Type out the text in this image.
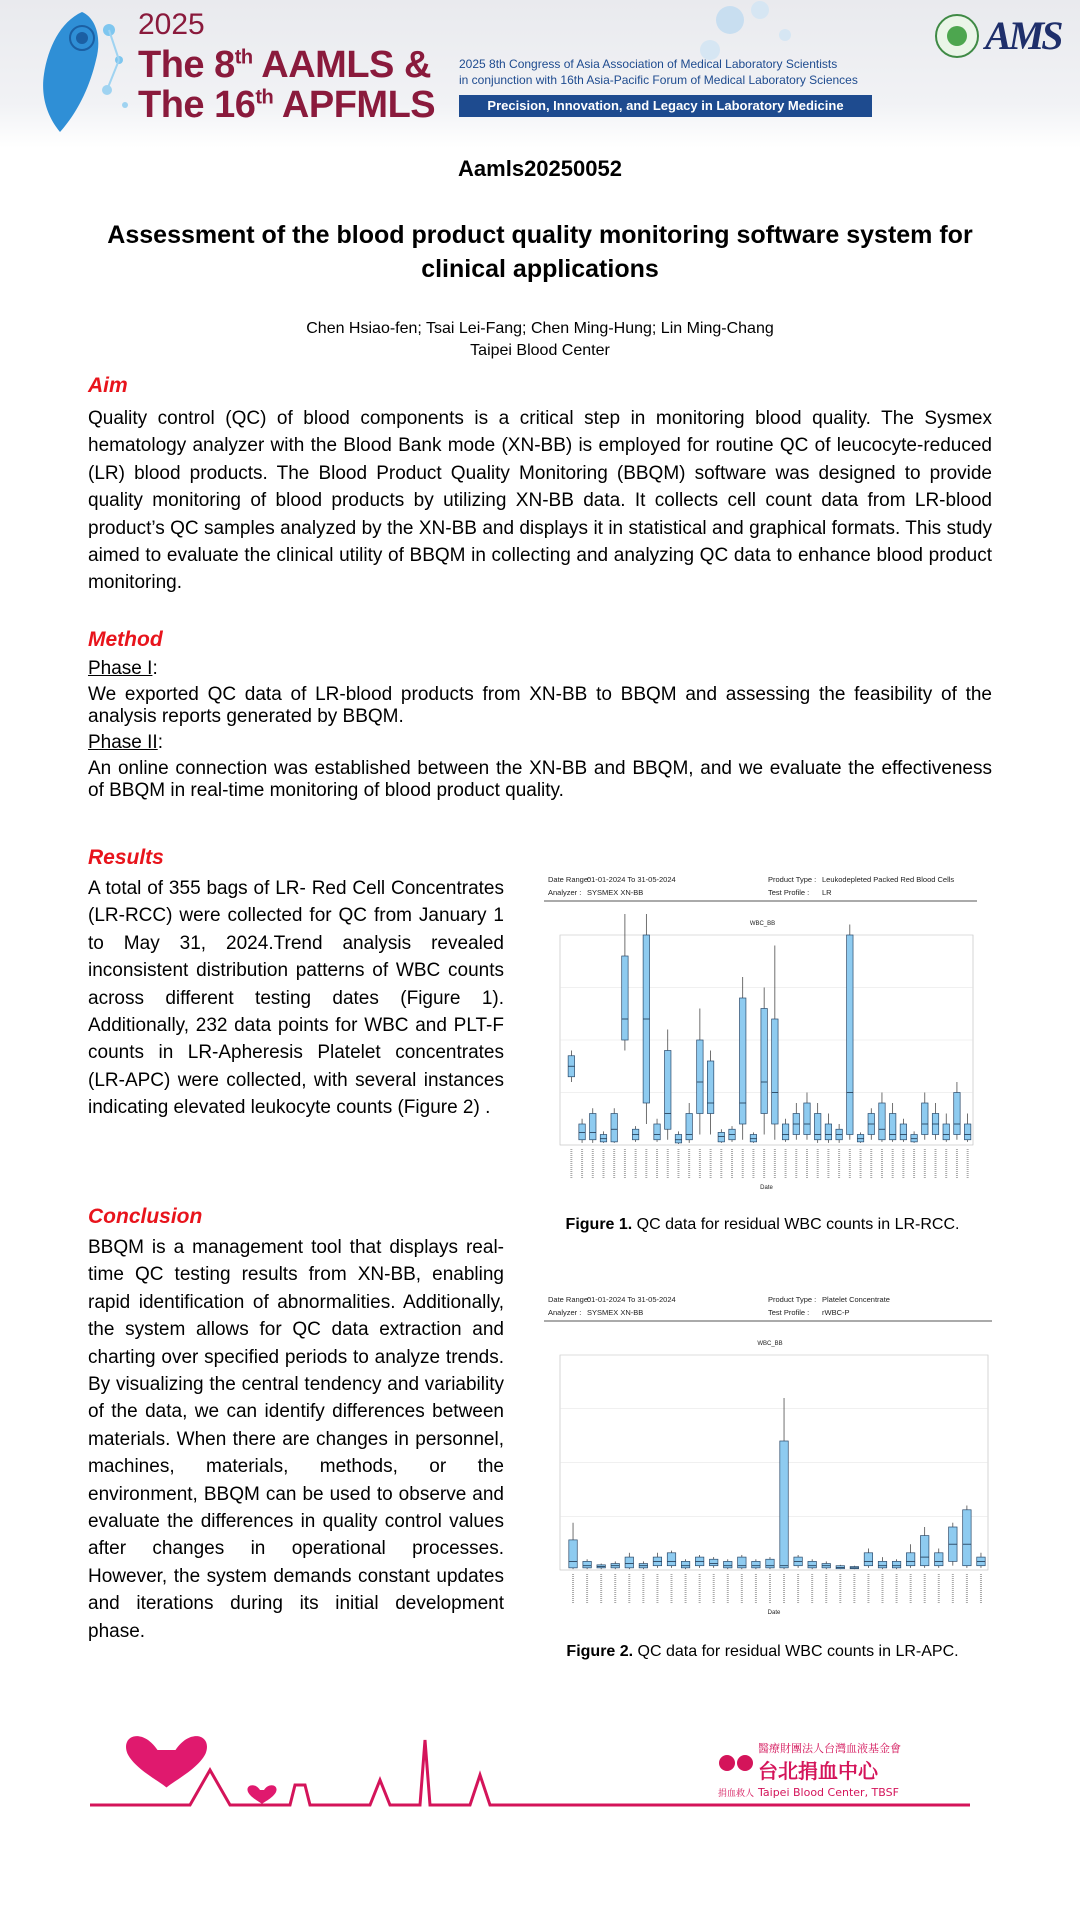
2025
The 8th AAMLS &
The 16th APFMLS
2025 8th Congress of Asia Association of Medical Laboratory Scientists
in conjunction with 16th Asia-Pacific Forum of Medical Laboratory Sciences
Precision, Innovation, and Legacy in Laboratory Medicine
AMS
Aamls20250052
Assessment of the blood product quality monitoring software system for clinical applications
Chen Hsiao-fen; Tsai Lei-Fang; Chen Ming-Hung; Lin Ming-Chang
Taipei Blood Center
Aim

Quality control (QC) of blood components is a critical step in monitoring blood quality. The Sysmex hematology analyzer with the Blood Bank mode (XN-BB) is employed for routine QC of leucocyte-reduced (LR) blood products. The Blood Product Quality Monitoring (BBQM) software was designed to provide quality monitoring of blood products by utilizing XN-BB data. It collects cell count data from LR-blood product’s QC samples analyzed by the XN-BB and displays it in statistical and graphical formats. This study aimed to evaluate the clinical utility of BBQM in collecting and analyzing QC data to enhance blood product monitoring.

Method
Phase I:

We exported QC data of LR-blood products from XN-BB to BBQM and assessing the feasibility of the analysis reports generated by BBQM.

Phase II:

An online connection was established between the XN-BB and BBQM, and we evaluate the effectiveness of BBQM in real-time monitoring of blood product quality.

Results

A total of 355 bags of LR- Red Cell Concentrates (LR-RCC) were collected for QC from January 1 to May 31, 2024.Trend analysis revealed inconsistent distribution patterns of WBC counts across different testing dates (Figure 1). Additionally, 232 data points for WBC and PLT-F counts in LR-Apheresis Platelet concentrates (LR-APC) were collected, with several instances indicating elevated leukocyte counts (Figure 2) .

Conclusion

BBQM is a management tool that displays real-time QC testing results from XN-BB, enabling rapid identification of abnormalities. Additionally, the system allows for QC data extraction and charting over specified periods to analyze trends. By visualizing the central tendency and variability of the data, we can identify differences between materials. When there are changes in personnel, machines, materials, methods, or the environment, BBQM can be used to observe and evaluate the differences in quality control values after changes in operational processes. However, the system demands constant updates and iterations during its initial development phase.

Date Range:
01-01-2024 To 31-05-2024
Analyzer : SYSMEX XN-BB
Product Type : Leukodepleted Packed Red Blood Cells
Test Profile : LR
WBC_BB
Date
Figure 1. QC data for residual WBC counts in LR-RCC.
Date Range:
01-01-2024 To 31-05-2024
Analyzer : SYSMEX XN-BB
Product Type : Platelet Concentrate
Test Profile : rWBC-P
WBC_BB
Date
Figure 2. QC data for residual WBC counts in LR-APC.
醫療財團法人台灣血液基金會
台北捐血中心
Taipei Blood Center, TBSF
捐血救人
